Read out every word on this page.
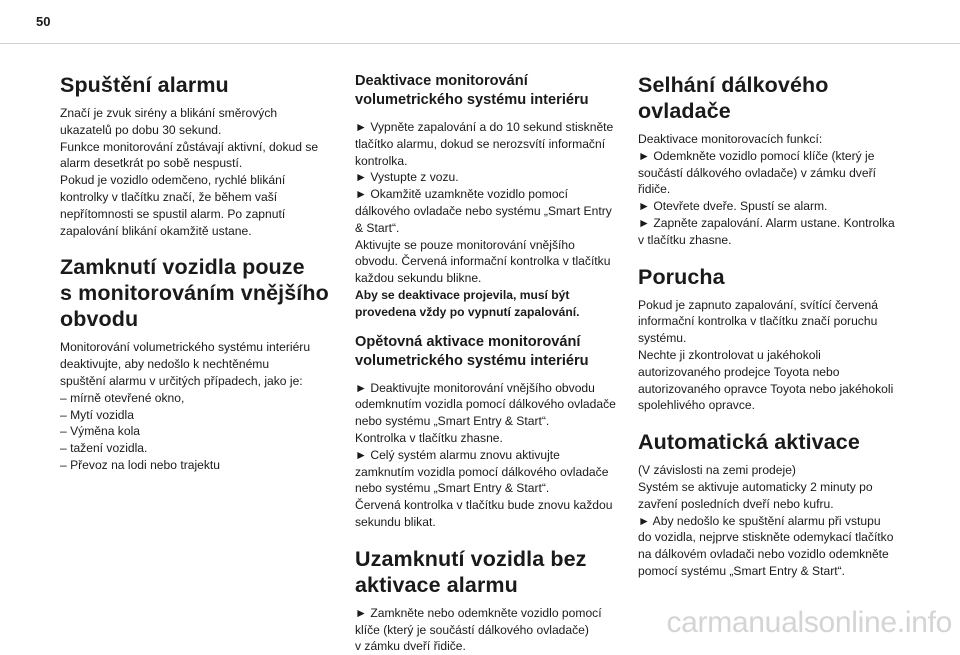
50
Spuštění alarmu

Značí je zvuk sirény a blikání směrových
ukazatelů po dobu 30 sekund.
Funkce monitorování zůstávají aktivní, dokud se
alarm desetkrát po sobě nespustí.
Pokud je vozidlo odemčeno, rychlé blikání
kontrolky v tlačítku značí, že během vaší
nepřítomnosti se spustil alarm. Po zapnutí
zapalování blikání okamžitě ustane.

Zamknutí vozidla pouze
s monitorováním vnějšího
obvodu

Monitorování volumetrického systému interiéru
deaktivujte, aby nedošlo k nechtěnému
spuštění alarmu v určitých případech, jako je:
– mírně otevřené okno,
– Mytí vozidla
– Výměna kola
– tažení vozidla.
– Převoz na lodi nebo trajektu

Deaktivace monitorování
volumetrického systému interiéru

► Vypněte zapalování a do 10 sekund stiskněte
tlačítko alarmu, dokud se nerozsvítí informační
kontrolka.
► Vystupte z vozu.
► Okamžitě uzamkněte vozidlo pomocí
dálkového ovladače nebo systému „Smart Entry
& Start“.
Aktivujte se pouze monitorování vnějšího
obvodu. Červená informační kontrolka v tlačítku
každou sekundu blikne.
Aby se deaktivace projevila, musí být
provedena vždy po vypnutí zapalování.

Opětovná aktivace monitorování
volumetrického systému interiéru

► Deaktivujte monitorování vnějšího obvodu
odemknutím vozidla pomocí dálkového ovladače
nebo systému „Smart Entry & Start“.
Kontrolka v tlačítku zhasne.
► Celý systém alarmu znovu aktivujte
zamknutím vozidla pomocí dálkového ovladače
nebo systému „Smart Entry & Start“.
Červená kontrolka v tlačítku bude znovu každou
sekundu blikat.

Uzamknutí vozidla bez
aktivace alarmu

► Zamkněte nebo odemkněte vozidlo pomocí
klíče (který je součástí dálkového ovladače)
v zámku dveří řidiče.

Selhání dálkového ovladače

Deaktivace monitorovacích funkcí:
► Odemkněte vozidlo pomocí klíče (který je
součástí dálkového ovladače) v zámku dveří
řidiče.
► Otevřete dveře. Spustí se alarm.
► Zapněte zapalování. Alarm ustane. Kontrolka
v tlačítku zhasne.

Porucha

Pokud je zapnuto zapalování, svítící červená
informační kontrolka v tlačítku značí poruchu
systému.
Nechte ji zkontrolovat u jakéhokoli
autorizovaného prodejce Toyota nebo
autorizovaného opravce Toyota nebo jakéhokoli
spolehlivého opravce.

Automatická aktivace

(V závislosti na zemi prodeje)
Systém se aktivuje automaticky 2 minuty po
zavření posledních dveří nebo kufru.
► Aby nedošlo ke spuštění alarmu při vstupu
do vozidla, nejprve stiskněte odemykací tlačítko
na dálkovém ovladači nebo vozidlo odemkněte
pomocí systému „Smart Entry & Start“.

carmanualsonline.info
